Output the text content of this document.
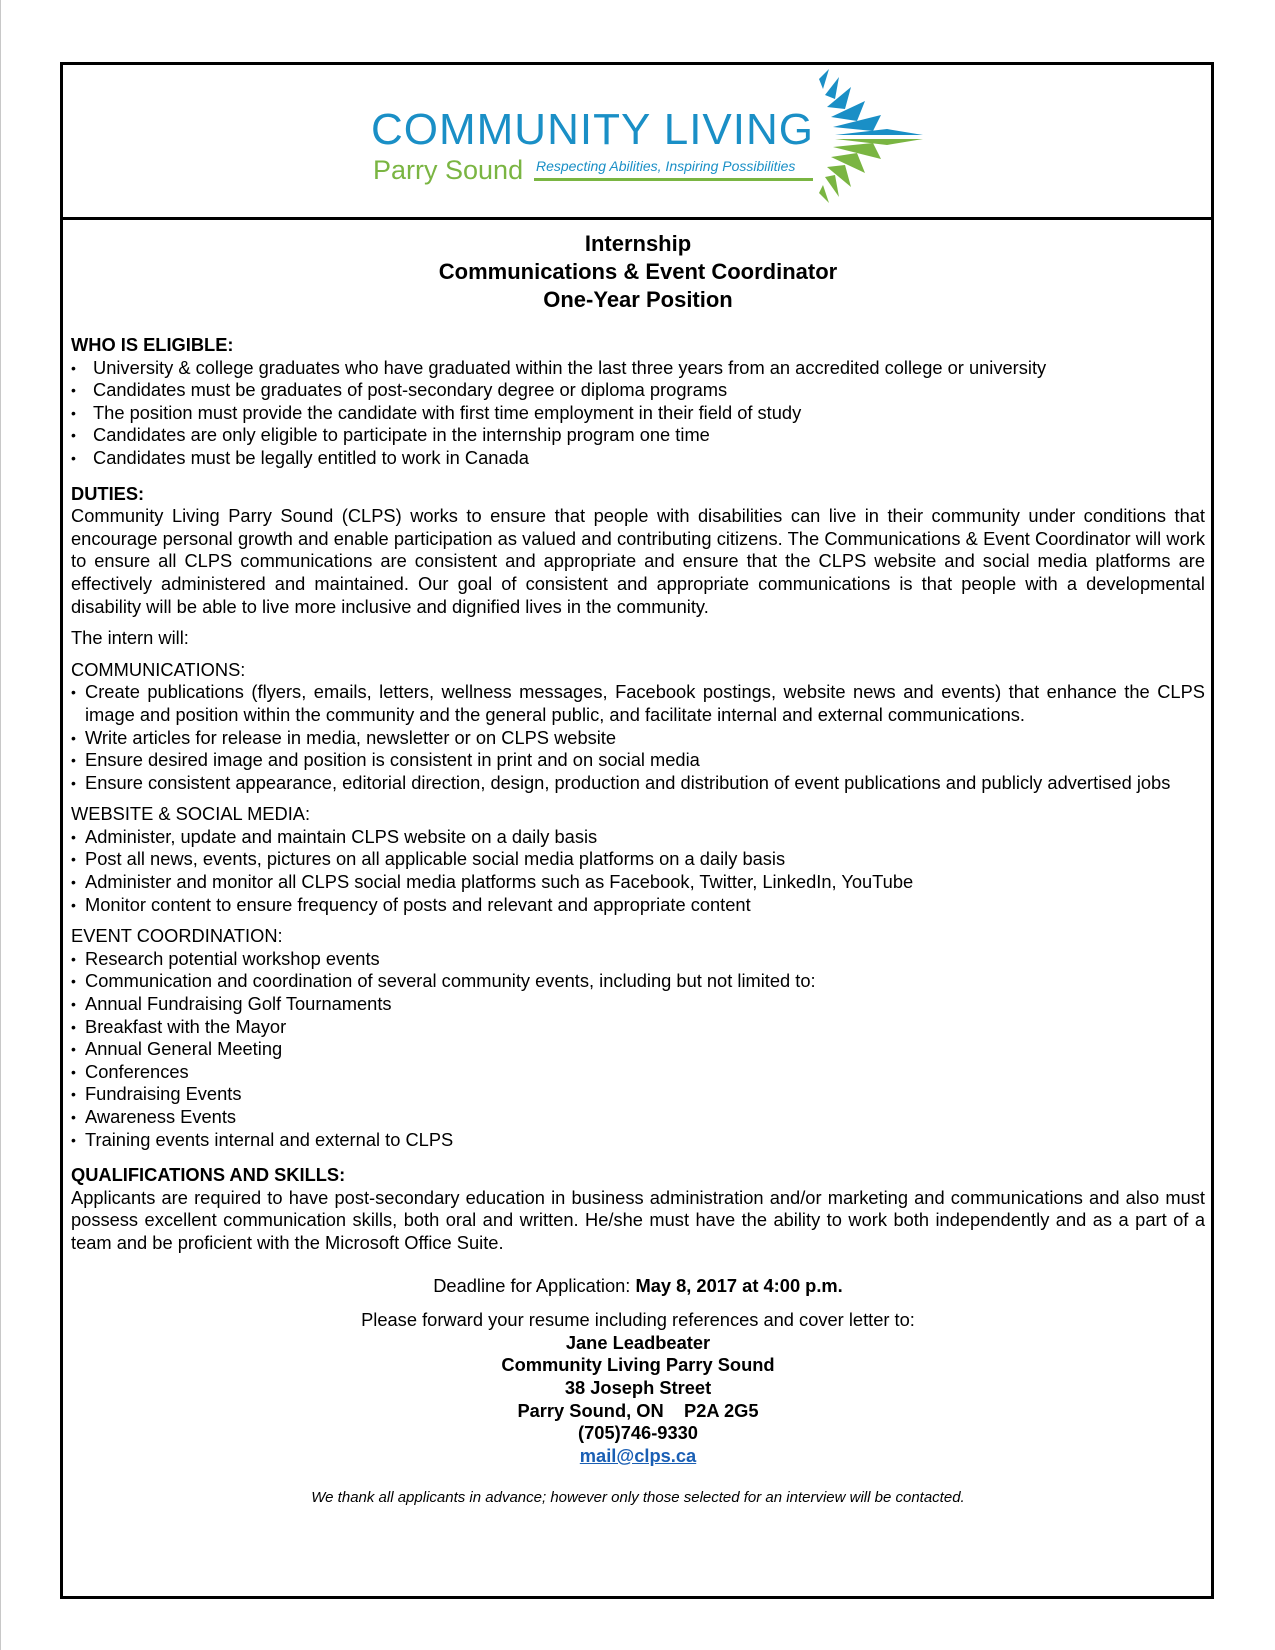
COMMUNITY LIVING
Parry Sound Respecting Abilities, Inspiring Possibilities
Internship
Communications & Event Coordinator
One-Year Position
WHO IS ELIGIBLE:
• University & college graduates who have graduated within the last three years from an accredited college or university
• Candidates must be graduates of post-secondary degree or diploma programs
• The position must provide the candidate with first time employment in their field of study
• Candidates are only eligible to participate in the internship program one time
• Candidates must be legally entitled to work in Canada
DUTIES:

Community Living Parry Sound (CLPS) works to ensure that people with disabilities can live in their community under conditions that encourage personal growth and enable participation as valued and contributing citizens. The Communications & Event Coordinator will work to ensure all CLPS communications are consistent and appropriate and ensure that the CLPS website and social media platforms are effectively administered and maintained. Our goal of consistent and appropriate communications is that people with a developmental disability will be able to live more inclusive and dignified lives in the community.

The intern will:

COMMUNICATIONS:
• Create publications (flyers, emails, letters, wellness messages, Facebook postings, website news and events) that enhance the CLPS image and position within the community and the general public, and facilitate internal and external communications.
• Write articles for release in media, newsletter or on CLPS website
• Ensure desired image and position is consistent in print and on social media
• Ensure consistent appearance, editorial direction, design, production and distribution of event publications and publicly advertised jobs
WEBSITE & SOCIAL MEDIA:
• Administer, update and maintain CLPS website on a daily basis
• Post all news, events, pictures on all applicable social media platforms on a daily basis
• Administer and monitor all CLPS social media platforms such as Facebook, Twitter, LinkedIn, YouTube
• Monitor content to ensure frequency of posts and relevant and appropriate content
EVENT COORDINATION:
• Research potential workshop events
• Communication and coordination of several community events, including but not limited to:
• Annual Fundraising Golf Tournaments
• Breakfast with the Mayor
• Annual General Meeting
• Conferences
• Fundraising Events
• Awareness Events
• Training events internal and external to CLPS
QUALIFICATIONS AND SKILLS:

Applicants are required to have post-secondary education in business administration and/or marketing and communications and also must possess excellent communication skills, both oral and written. He/she must have the ability to work both independently and as a part of a team and be proficient with the Microsoft Office Suite.

Deadline for Application: May 8, 2017 at 4:00 p.m.

Please forward your resume including references and cover letter to:
Jane Leadbeater
Community Living Parry Sound
38 Joseph Street
Parry Sound, ON    P2A 2G5
(705)746-9330
mail@clps.ca
We thank all applicants in advance; however only those selected for an interview will be contacted.
